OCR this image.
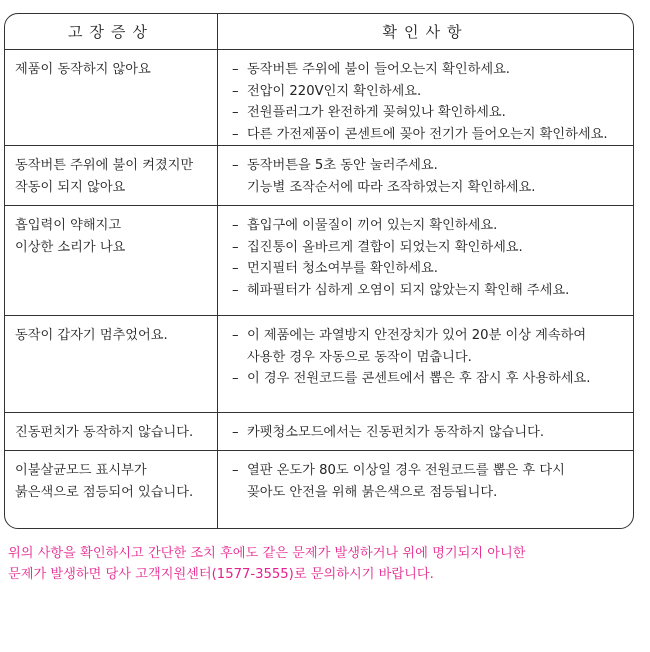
고장증상	확인사항

제품이 동작하지 않아요	– 동작버튼 주위에 불이 들어오는지 확인하세요.
– 전압이 220V인지 확인하세요.
– 전원플러그가 완전하게 꽂혀있나 확인하세요.
– 다른 가전제품이 콘센트에 꽂아 전기가 들어오는지 확인하세요.

동작버튼 주위에 불이 켜졌지만
작동이 되지 않아요	– 동작버튼을 5초 동안 눌러주세요.
기능별 조작순서에 따라 조작하였는지 확인하세요.

흡입력이 약해지고
이상한 소리가 나요	– 흡입구에 이물질이 끼어 있는지 확인하세요.
– 집진통이 올바르게 결합이 되었는지 확인하세요.
– 먼지필터 청소여부를 확인하세요.
– 헤파필터가 심하게 오염이 되지 않았는지 확인해 주세요.

동작이 갑자기 멈추었어요.	– 이 제품에는 과열방지 안전장치가 있어 20분 이상 계속하여
사용한 경우 자동으로 동작이 멈춥니다.
– 이 경우 전원코드를 콘센트에서 뽑은 후 잠시 후 사용하세요.

진동펀치가 동작하지 않습니다.	– 카펫청소모드에서는 진동펀치가 동작하지 않습니다.

이불살균모드 표시부가
붉은색으로 점등되어 있습니다.	– 열판 온도가 80도 이상일 경우 전원코드를 뽑은 후 다시
꽂아도 안전을 위해 붉은색으로 점등됩니다.
위의 사항을 확인하시고 간단한 조치 후에도 같은 문제가 발생하거나 위에 명기되지 아니한
문제가 발생하면 당사 고객지원센터(1577-3555)로 문의하시기 바랍니다.
